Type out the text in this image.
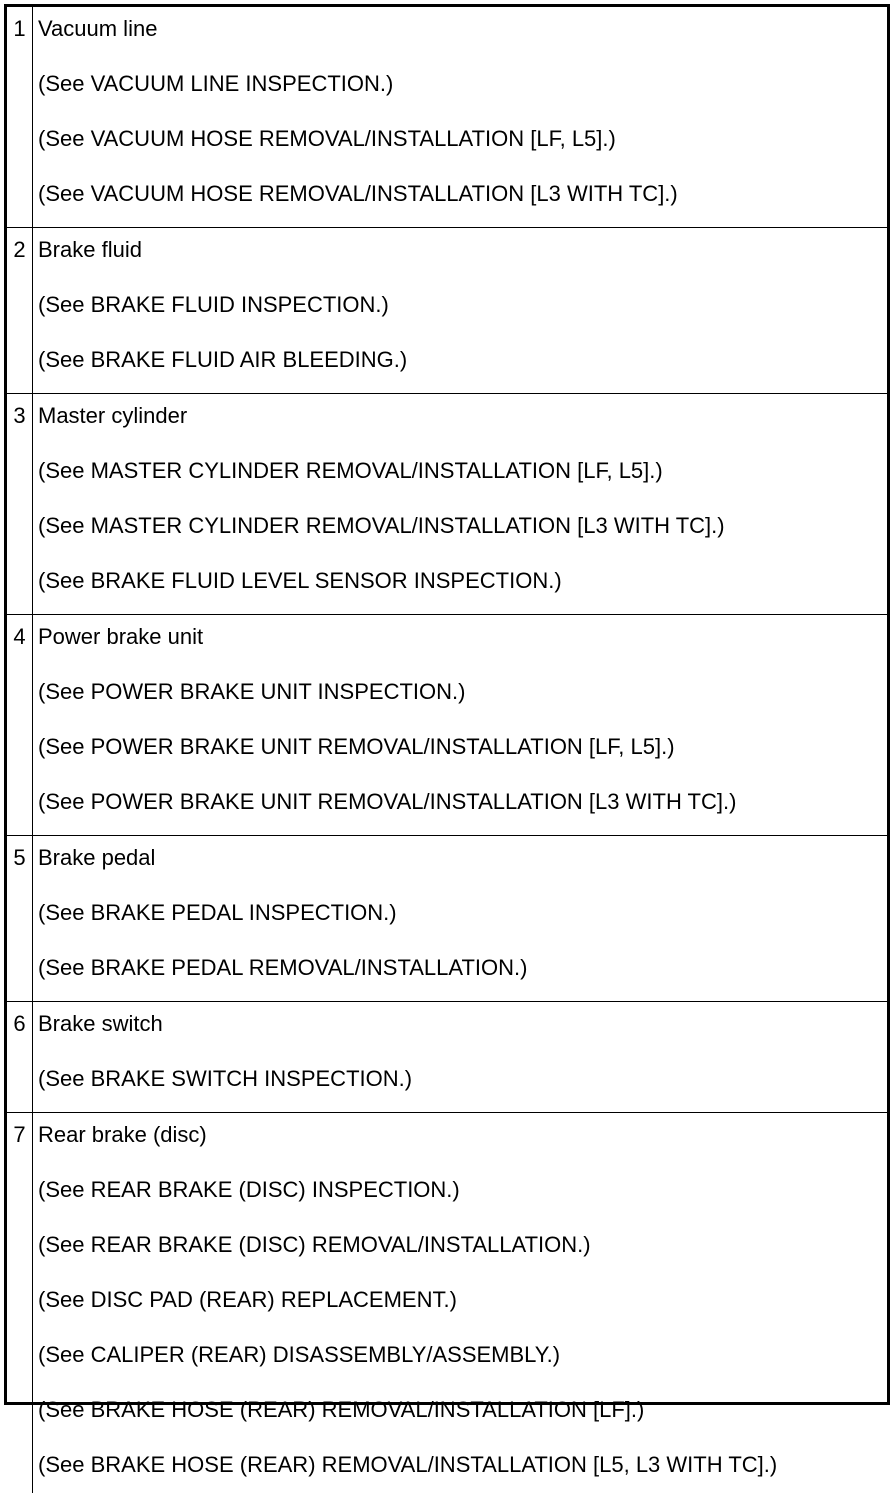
1 Vacuum line
(See VACUUM LINE INSPECTION.)
(See VACUUM HOSE REMOVAL/INSTALLATION [LF, L5].)
(See VACUUM HOSE REMOVAL/INSTALLATION [L3 WITH TC].)
2 Brake fluid
(See BRAKE FLUID INSPECTION.)
(See BRAKE FLUID AIR BLEEDING.)
3 Master cylinder
(See MASTER CYLINDER REMOVAL/INSTALLATION [LF, L5].)
(See MASTER CYLINDER REMOVAL/INSTALLATION [L3 WITH TC].)
(See BRAKE FLUID LEVEL SENSOR INSPECTION.)
4 Power brake unit
(See POWER BRAKE UNIT INSPECTION.)
(See POWER BRAKE UNIT REMOVAL/INSTALLATION [LF, L5].)
(See POWER BRAKE UNIT REMOVAL/INSTALLATION [L3 WITH TC].)
5 Brake pedal
(See BRAKE PEDAL INSPECTION.)
(See BRAKE PEDAL REMOVAL/INSTALLATION.)
6 Brake switch
(See BRAKE SWITCH INSPECTION.)
7 Rear brake (disc)
(See REAR BRAKE (DISC) INSPECTION.)
(See REAR BRAKE (DISC) REMOVAL/INSTALLATION.)
(See DISC PAD (REAR) REPLACEMENT.)
(See CALIPER (REAR) DISASSEMBLY/ASSEMBLY.)
(See BRAKE HOSE (REAR) REMOVAL/INSTALLATION [LF].)
(See BRAKE HOSE (REAR) REMOVAL/INSTALLATION [L5, L3 WITH TC].)
